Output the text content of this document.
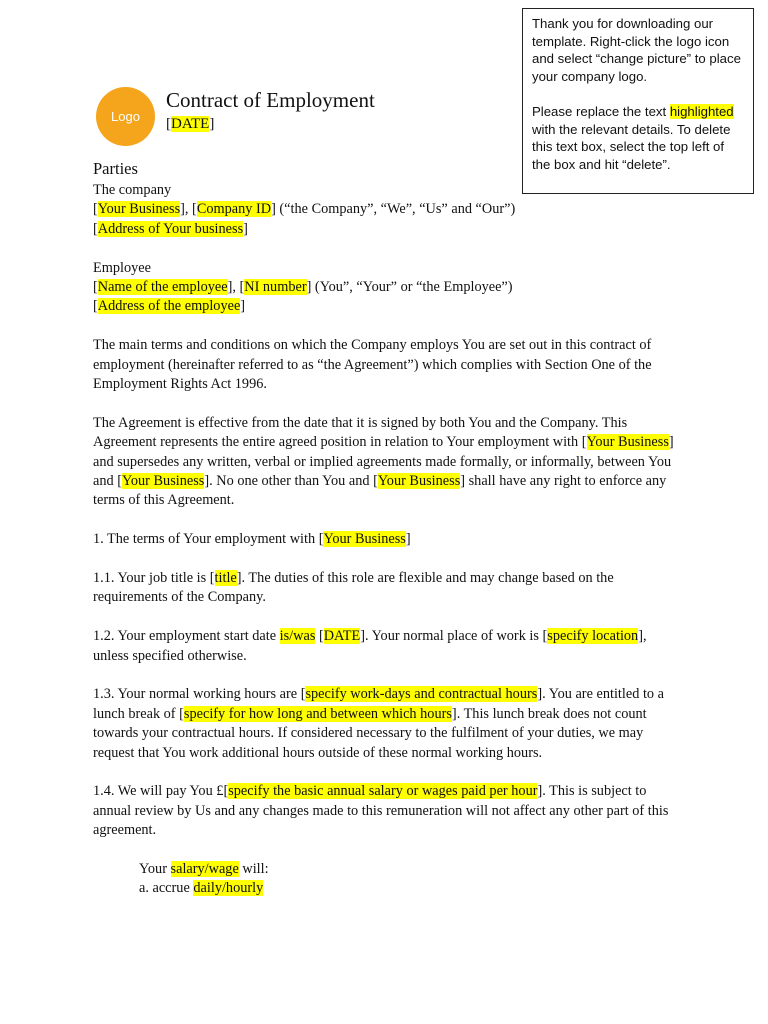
Thank you for downloading our template. Right-click the logo icon and select “change picture” to place your company logo.

Please replace the text highlighted with the relevant details. To delete this text box, select the top left of the box and hit “delete”.

Logo
Contract of Employment
[DATE]

Parties

The company

[Your Business], [Company ID] (“the Company”, “We”, “Us” and “Our”)

[Address of Your business]

Employee

[Name of the employee], [NI number] (You”, “Your” or “the Employee”)

[Address of the employee]

The main terms and conditions on which the Company employs You are set out in this contract of employment (hereinafter referred to as “the Agreement”) which complies with Section One of the Employment Rights Act 1996.

The Agreement is effective from the date that it is signed by both You and the Company. This Agreement represents the entire agreed position in relation to Your employment with [Your Business] and supersedes any written, verbal or implied agreements made formally, or informally, between You and [Your Business]. No one other than You and [Your Business] shall have any right to enforce any terms of this Agreement.

1. The terms of Your employment with [Your Business]

1.1. Your job title is [title]. The duties of this role are flexible and may change based on the requirements of the Company.

1.2. Your employment start date is/was [DATE]. Your normal place of work is [specify location], unless specified otherwise.

1.3. Your normal working hours are [specify work-days and contractual hours]. You are entitled to a lunch break of [specify for how long and between which hours]. This lunch break does not count towards your contractual hours. If considered necessary to the fulfilment of your duties, we may request that You work additional hours outside of these normal working hours.

1.4. We will pay You £[specify the basic annual salary or wages paid per hour]. This is subject to annual review by Us and any changes made to this remuneration will not affect any other part of this agreement.

Your salary/wage will:

a. accrue daily/hourly
